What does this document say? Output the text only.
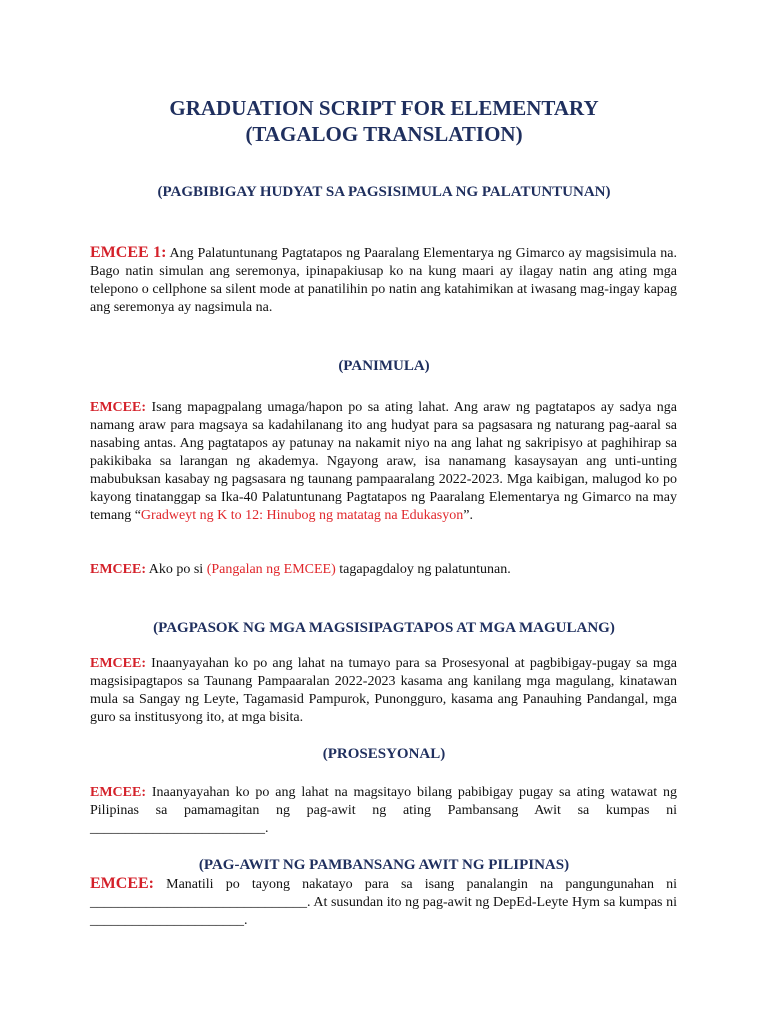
GRADUATION SCRIPT FOR ELEMENTARY
(TAGALOG TRANSLATION)
(PAGBIBIGAY HUDYAT SA PAGSISIMULA NG PALATUNTUNAN)

EMCEE 1: Ang Palatuntunang Pagtatapos ng Paaralang Elementarya ng Gimarco ay magsisimula na. Bago natin simulan ang seremonya, ipinapakiusap ko na kung maari ay ilagay natin ang ating mga telepono o cellphone sa silent mode at panatilihin po natin ang katahimikan at iwasang mag-ingay kapag ang seremonya ay nagsimula na.

(PANIMULA)

EMCEE: Isang mapagpalang umaga/hapon po sa ating lahat. Ang araw ng pagtatapos ay sadya nga namang araw para magsaya sa kadahilanang ito ang hudyat para sa pagsasara ng naturang pag-aaral sa nasabing antas. Ang pagtatapos ay patunay na nakamit niyo na ang lahat ng sakripisyo at paghihirap sa pakikibaka sa larangan ng akademya. Ngayong araw, isa nanamang kasaysayan ang unti-unting mabubuksan kasabay ng pagsasara ng taunang pampaaralang 2022-2023. Mga kaibigan, malugod ko po kayong tinatanggap sa Ika-40 Palatuntunang Pagtatapos ng Paaralang Elementarya ng Gimarco na may temang “Gradweyt ng K to 12: Hinubog ng matatag na Edukasyon”.

EMCEE: Ako po si (Pangalan ng EMCEE) tagapagdaloy ng palatuntunan.

(PAGPASOK NG MGA MAGSISIPAGTAPOS AT MGA MAGULANG)

EMCEE: Inaanyayahan ko po ang lahat na tumayo para sa Prosesyonal at pagbibigay-pugay sa mga magsisipagtapos sa Taunang Pampaaralan 2022-2023 kasama ang kanilang mga magulang, kinatawan mula sa Sangay ng Leyte, Tagamasid Pampurok, Punongguro, kasama ang Panauhing Pandangal, mga guro sa institusyong ito, at mga bisita.

(PROSESYONAL)

EMCEE: Inaanyayahan ko po ang lahat na magsitayo bilang pabibigay pugay sa ating watawat ng Pilipinas sa pamamagitan ng pag-awit ng ating Pambansang Awit sa kumpas ni _________________________.

(PAG-AWIT NG PAMBANSANG AWIT NG PILIPINAS)

EMCEE: Manatili po tayong nakatayo para sa isang panalangin na pangungunahan ni _______________________________. At susundan ito ng pag-awit ng DepEd-Leyte Hym sa kumpas ni ______________________.
